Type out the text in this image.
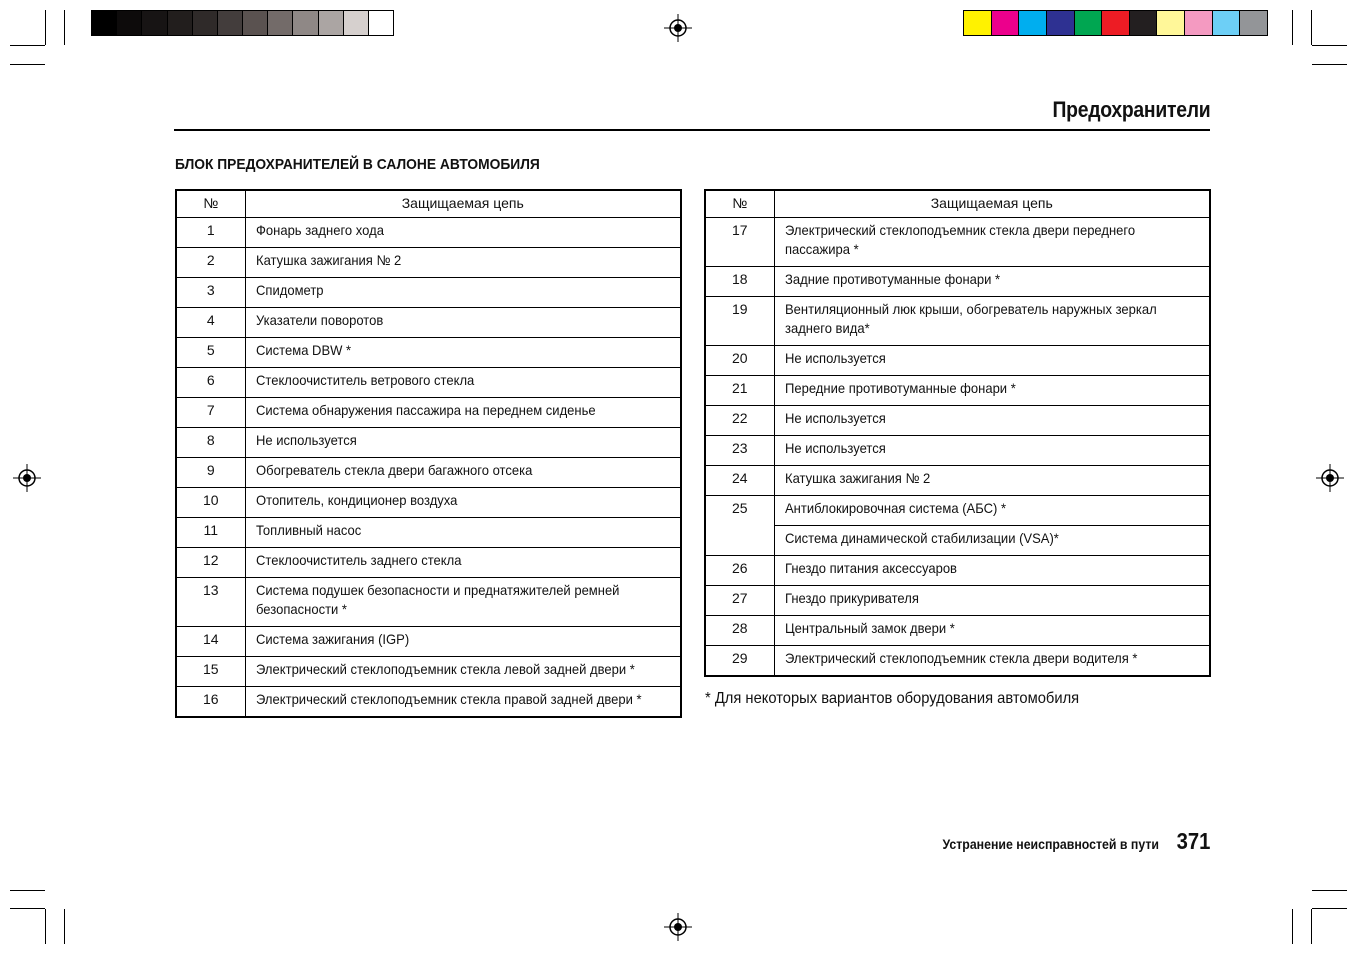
Предохранители
БЛОК ПРЕДОХРАНИТЕЛЕЙ В САЛОНЕ АВТОМОБИЛЯ
№	Защищаемая цепь
1	Фонарь заднего хода
2	Катушка зажигания № 2
3	Спидометр
4	Указатели поворотов
5	Система DBW *
6	Стеклоочиститель ветрового стекла
7	Система обнаружения пассажира на переднем сиденье
8	Не используется
9	Обогреватель стекла двери багажного отсека
10	Отопитель, кондиционер воздуха
11	Топливный насос
12	Стеклоочиститель заднего стекла
13	Система подушек безопасности и преднатяжителей ремней безопасности *
14	Система зажигания (IGP)
15	Электрический стеклоподъемник стекла левой задней двери *
16	Электрический стеклоподъемник стекла правой задней двери *
№	Защищаемая цепь
17	Электрический стеклоподъемник стекла двери переднего пассажира *
18	Задние противотуманные фонари *
19	Вентиляционный люк крыши, обогреватель наружных зеркал заднего вида*
20	Не используется
21	Передние противотуманные фонари *
22	Не используется
23	Не используется
24	Катушка зажигания № 2
25	Антиблокировочная система (АБС) *
	Система динамической стабилизации (VSA)*
26	Гнездо питания аксессуаров
27	Гнездо прикуривателя
28	Центральный замок двери *
29	Электрический стеклоподъемник стекла двери водителя *
* Для некоторых вариантов оборудования автомобиля
Устранение неисправностей в пути 371
